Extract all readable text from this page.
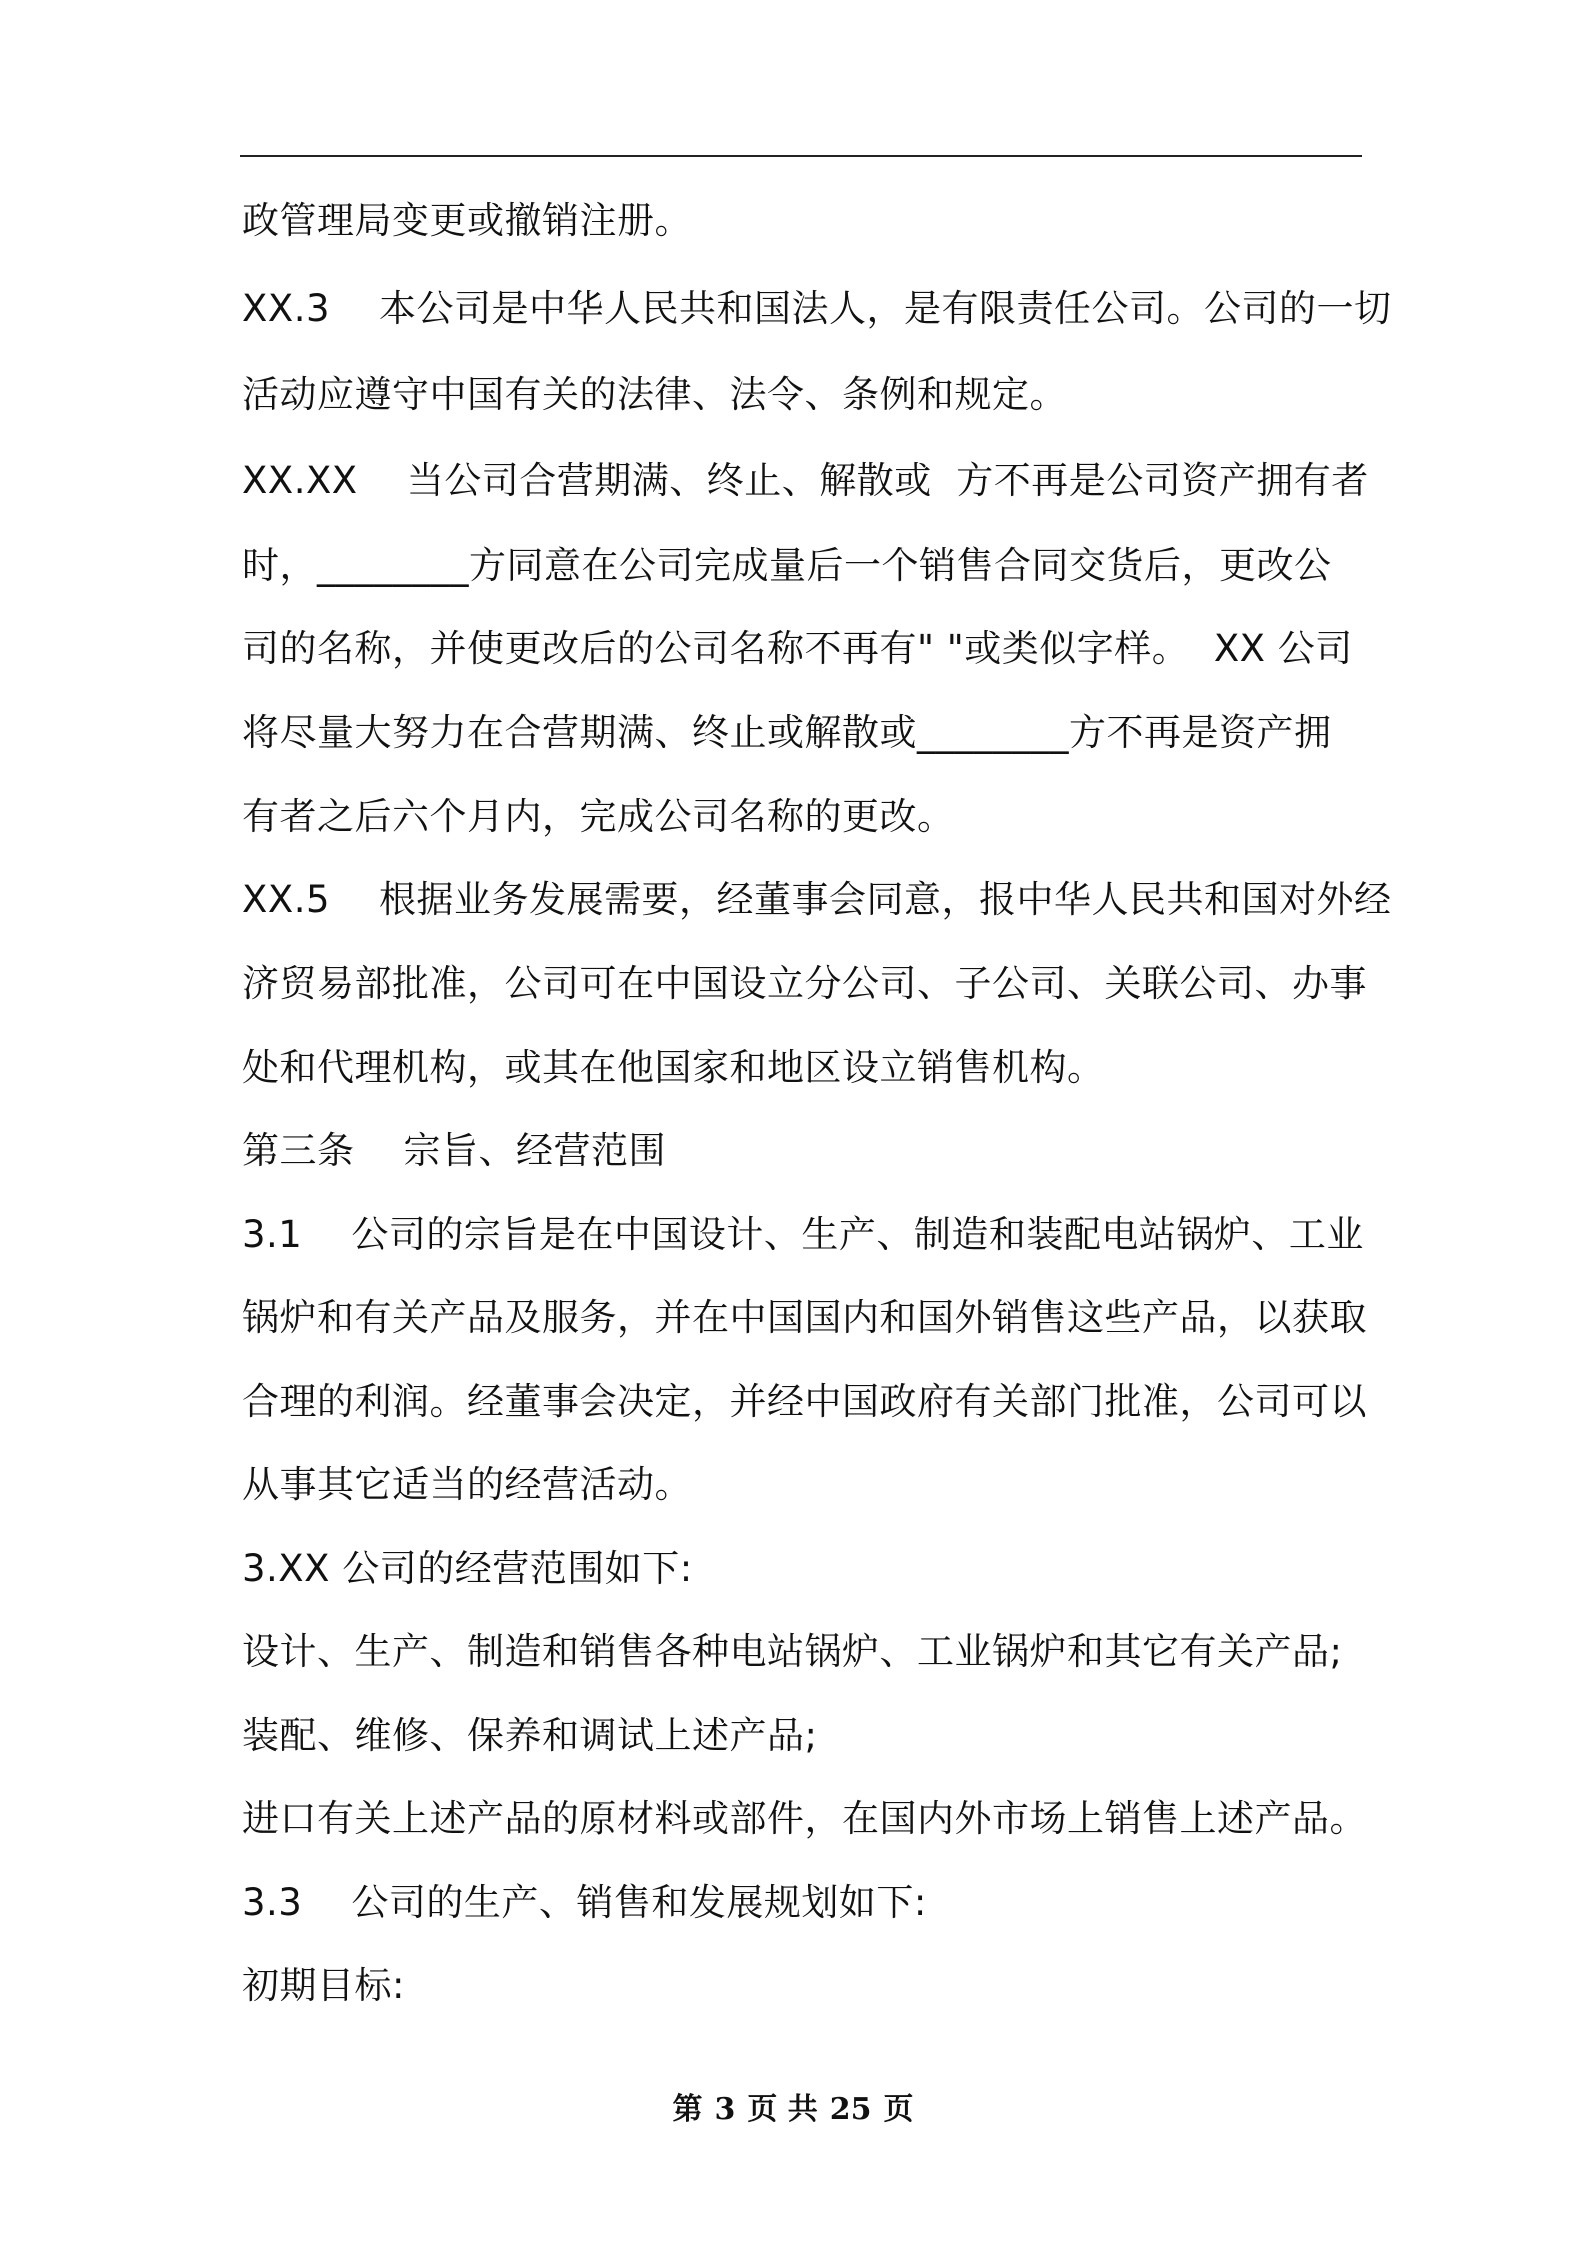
政管理局变更或撤销注册。
XX.3    本公司是中华人民共和国法人，是有限责任公司。公司的一切
活动应遵守中国有关的法律、法令、条例和规定。
XX.XX    当公司合营期满、终止、解散或  方不再是公司资产拥有者
时，________方同意在公司完成量后一个销售合同交货后，更改公
司的名称，并使更改后的公司名称不再有" "或类似字样。  XX 公司
将尽量大努力在合营期满、终止或解散或________方不再是资产拥
有者之后六个月内，完成公司名称的更改。
XX.5    根据业务发展需要，经董事会同意，报中华人民共和国对外经
济贸易部批准，公司可在中国设立分公司、子公司、关联公司、办事
处和代理机构，或其在他国家和地区设立销售机构。
第三条    宗旨、经营范围
3.1    公司的宗旨是在中国设计、生产、制造和装配电站锅炉、工业
锅炉和有关产品及服务，并在中国国内和国外销售这些产品，以获取
合理的利润。经董事会决定，并经中国政府有关部门批准，公司可以
从事其它适当的经营活动。
3.XX 公司的经营范围如下:
设计、生产、制造和销售各种电站锅炉、工业锅炉和其它有关产品;
装配、维修、保养和调试上述产品;
进口有关上述产品的原材料或部件，在国内外市场上销售上述产品。
3.3    公司的生产、销售和发展规划如下:
初期目标:
第 3 页 共 25 页
